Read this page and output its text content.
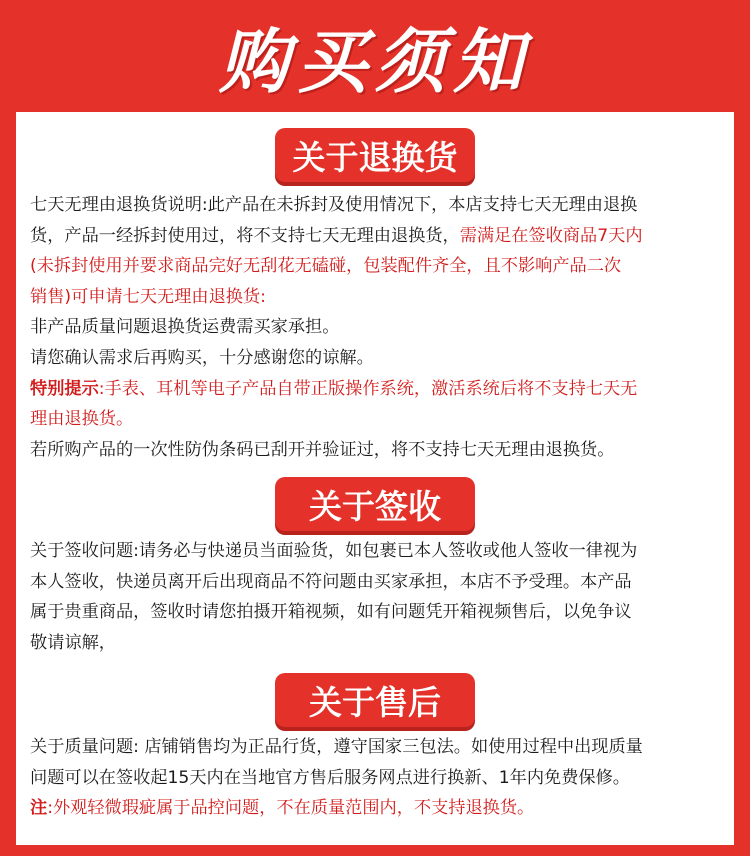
购买须知
关于退换货
七天无理由退换货说明:此产品在未拆封及使用情况下，本店支持七天无理由退换
货，产品一经拆封使用过，将不支持七天无理由退换货，需满足在签收商品7天内
(未拆封使用并要求商品完好无刮花无磕碰，包装配件齐全，且不影响产品二次
销售)可申请七天无理由退换货:
非产品质量问题退换货运费需买家承担。
请您确认需求后再购买，十分感谢您的谅解。
特别提示:手表、耳机等电子产品自带正版操作系统，激活系统后将不支持七天无
理由退换货。
若所购产品的一次性防伪条码已刮开并验证过，将不支持七天无理由退换货。
关于签收
关于签收问题:请务必与快递员当面验货，如包裹已本人签收或他人签收一律视为
本人签收，快递员离开后出现商品不符问题由买家承担，本店不予受理。本产品
属于贵重商品，签收时请您拍摄开箱视频，如有问题凭开箱视频售后，以免争议
敬请谅解，
关于售后
关于质量问题: 店铺销售均为正品行货，遵守国家三包法。如使用过程中出现质量
问题可以在签收起15天内在当地官方售后服务网点进行换新、1年内免费保修。
注:外观轻微瑕疵属于品控问题，不在质量范围内，不支持退换货。
